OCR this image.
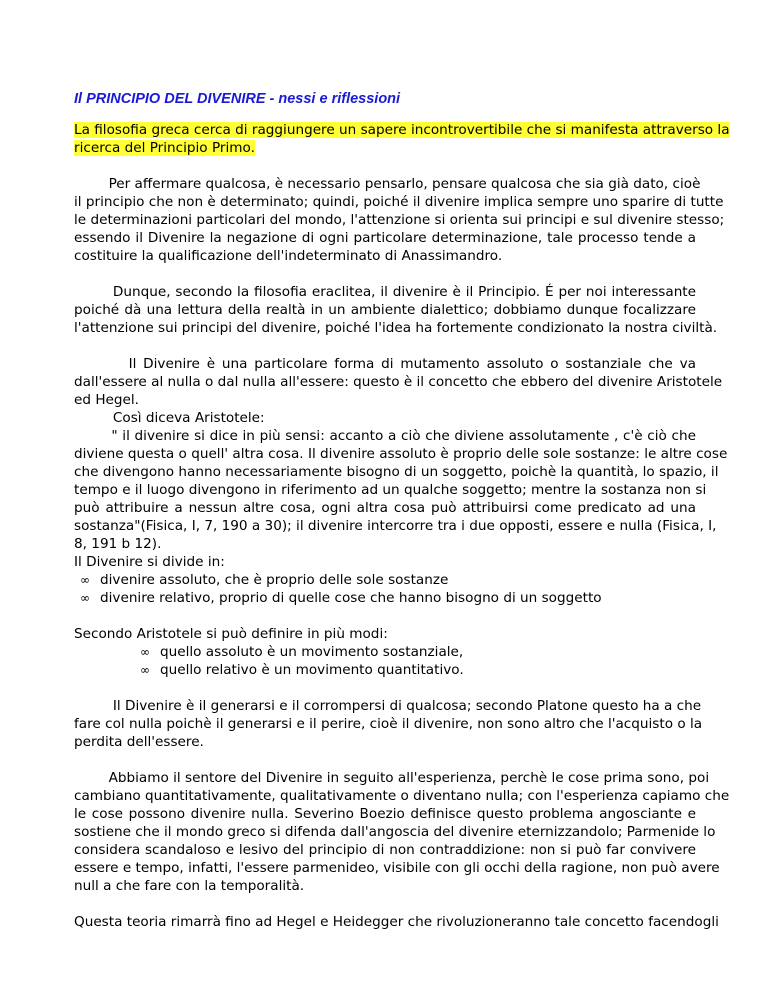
Il PRINCIPIO DEL DIVENIRE - nessi e riflessioni
La filosofia greca cerca di raggiungere un sapere incontrovertibile che si manifesta attraverso la
ricerca del Principio Primo.
Per affermare qualcosa, è necessario pensarlo, pensare qualcosa che sia già dato, cioè
il principio che non è determinato; quindi, poiché il divenire implica sempre uno sparire di tutte
le determinazioni particolari del mondo, l'attenzione si orienta sui principi e sul divenire stesso;
essendo il Divenire la negazione di ogni particolare determinazione, tale processo tende a
costituire la qualificazione dell'indeterminato di Anassimandro.
Dunque, secondo la filosofia eraclitea, il divenire è il Principio. É per noi interessante
poiché dà una lettura della realtà in un ambiente dialettico; dobbiamo dunque focalizzare
l'attenzione sui principi del divenire, poiché l'idea ha fortemente condizionato la nostra civiltà.
Il Divenire è una particolare forma di mutamento assoluto o sostanziale che va
dall'essere al nulla o dal nulla all'essere: questo è il concetto che ebbero del divenire Aristotele
ed Hegel.
Così diceva Aristotele:
" il divenire si dice in più sensi: accanto a ciò che diviene assolutamente , c'è ciò che
diviene questa o quell' altra cosa. Il divenire assoluto è proprio delle sole sostanze: le altre cose
che divengono hanno necessariamente bisogno di un soggetto, poichè la quantità, lo spazio, il
tempo e il luogo divengono in riferimento ad un qualche soggetto; mentre la sostanza non si
può attribuire a nessun altre cosa, ogni altra cosa può attribuirsi come predicato ad una
sostanza"(Fisica, I, 7, 190 a 30); il divenire intercorre tra i due opposti, essere e nulla (Fisica, I,
8, 191 b 12).
Il Divenire si divide in:
∞ divenire assoluto, che è proprio delle sole sostanze
∞ divenire relativo, proprio di quelle cose che hanno bisogno di un soggetto
Secondo Aristotele si può definire in più modi:
∞ quello assoluto è un movimento sostanziale,
∞ quello relativo è un movimento quantitativo.
Il Divenire è il generarsi e il corrompersi di qualcosa; secondo Platone questo ha a che
fare col nulla poichè il generarsi e il perire, cioè il divenire, non sono altro che l'acquisto o la
perdita dell'essere.
Abbiamo il sentore del Divenire in seguito all'esperienza, perchè le cose prima sono, poi
cambiano quantitativamente, qualitativamente o diventano nulla; con l'esperienza capiamo che
le cose possono divenire nulla. Severino Boezio definisce questo problema angosciante e
sostiene che il mondo greco si difenda dall'angoscia del divenire eternizzandolo; Parmenide lo
considera scandaloso e lesivo del principio di non contraddizione: non si può far convivere
essere e tempo, infatti, l'essere parmenideo, visibile con gli occhi della ragione, non può avere
null a che fare con la temporalità.
Questa teoria rimarrà fino ad Hegel e Heidegger che rivoluzioneranno tale concetto facendogli
